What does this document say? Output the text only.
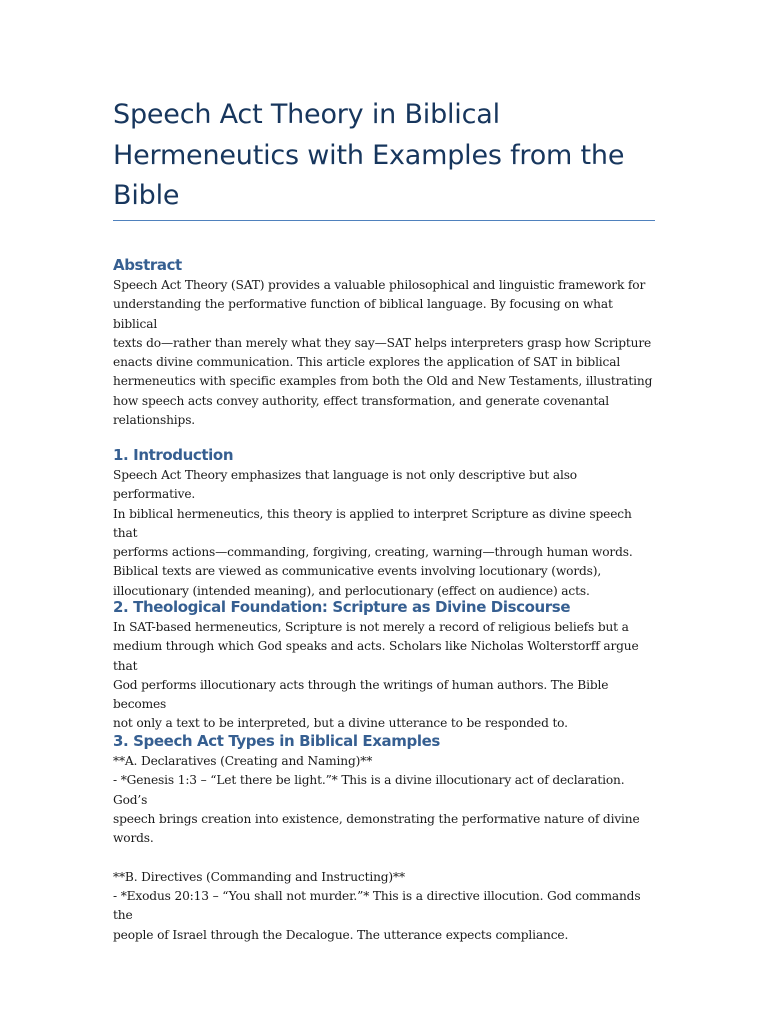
Speech Act Theory in Biblical Hermeneutics with Examples from the Bible
Abstract

Speech Act Theory (SAT) provides a valuable philosophical and linguistic framework for
understanding the performative function of biblical language. By focusing on what biblical
texts do—rather than merely what they say—SAT helps interpreters grasp how Scripture
enacts divine communication. This article explores the application of SAT in biblical
hermeneutics with specific examples from both the Old and New Testaments, illustrating
how speech acts convey authority, effect transformation, and generate covenantal
relationships.

1. Introduction

Speech Act Theory emphasizes that language is not only descriptive but also performative.
In biblical hermeneutics, this theory is applied to interpret Scripture as divine speech that
performs actions—commanding, forgiving, creating, warning—through human words.
Biblical texts are viewed as communicative events involving locutionary (words),
illocutionary (intended meaning), and perlocutionary (effect on audience) acts.

2. Theological Foundation: Scripture as Divine Discourse

In SAT-based hermeneutics, Scripture is not merely a record of religious beliefs but a
medium through which God speaks and acts. Scholars like Nicholas Wolterstorff argue that
God performs illocutionary acts through the writings of human authors. The Bible becomes
not only a text to be interpreted, but a divine utterance to be responded to.

3. Speech Act Types in Biblical Examples

**A. Declaratives (Creating and Naming)**
- *Genesis 1:3 – “Let there be light.”* This is a divine illocutionary act of declaration. God’s
speech brings creation into existence, demonstrating the performative nature of divine
words.

**B. Directives (Commanding and Instructing)**
- *Exodus 20:13 – “You shall not murder.”* This is a directive illocution. God commands the
people of Israel through the Decalogue. The utterance expects compliance.
